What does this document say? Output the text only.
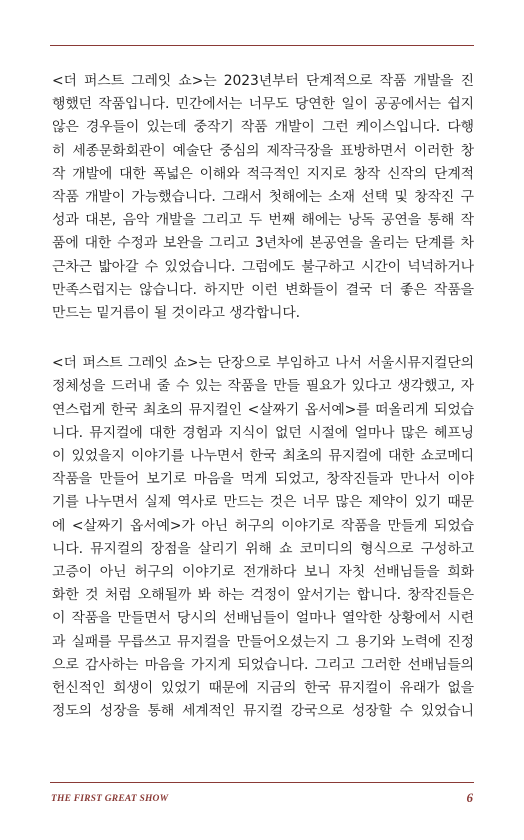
<더 퍼스트 그레잇 쇼>는 2023년부터 단계적으로 작품 개발을 진
행했던 작품입니다. 민간에서는 너무도 당연한 일이 공공에서는 쉽지
않은 경우들이 있는데 중작기 작품 개발이 그런 케이스입니다. 다행
히 세종문화회관이 예술단 중심의 제작극장을 표방하면서 이러한 창
작 개발에 대한 폭넓은 이해와 적극적인 지지로 창작 신작의 단계적
작품 개발이 가능했습니다. 그래서 첫해에는 소재 선택 및 창작진 구
성과 대본, 음악 개발을 그리고 두 번째 해에는 낭독 공연을 통해 작
품에 대한 수정과 보완을 그리고 3년차에 본공연을 올리는 단계를 차
근차근 밟아갈 수 있었습니다. 그럼에도 불구하고 시간이 넉넉하거나
만족스럽지는 않습니다. 하지만 이런 변화들이 결국 더 좋은 작품을
만드는 밑거름이 될 것이라고 생각합니다.
<더 퍼스트 그레잇 쇼>는 단장으로 부임하고 나서 서울시뮤지컬단의
정체성을 드러내 줄 수 있는 작품을 만들 필요가 있다고 생각했고, 자
연스럽게 한국 최초의 뮤지컬인 <살짜기 옵서예>를 떠올리게 되었습
니다. 뮤지컬에 대한 경험과 지식이 없던 시절에 얼마나 많은 헤프닝
이 있었을지 이야기를 나누면서 한국 최초의 뮤지컬에 대한 쇼코메디
작품을 만들어 보기로 마음을 먹게 되었고, 창작진들과 만나서 이야
기를 나누면서 실제 역사로 만드는 것은 너무 많은 제약이 있기 때문
에 <살짜기 옵서예>가 아닌 허구의 이야기로 작품을 만들게 되었습
니다. 뮤지컬의 장점을 살리기 위해 쇼 코미디의 형식으로 구성하고
고증이 아닌 허구의 이야기로 전개하다 보니 자칫 선배님들을 희화
화한 것 처럼 오해될까 봐 하는 걱정이 앞서기는 합니다. 창작진들은
이 작품을 만들면서 당시의 선배님들이 얼마나 열악한 상황에서 시련
과 실패를 무릅쓰고 뮤지컬을 만들어오셨는지 그 용기와 노력에 진정
으로 감사하는 마음을 가지게 되었습니다. 그리고 그러한 선배님들의
헌신적인 희생이 있었기 때문에 지금의 한국 뮤지컬이 유래가 없을
정도의 성장을 통해 세계적인 뮤지컬 강국으로 성장할 수 있었습니
THE FIRST GREAT SHOW	6
